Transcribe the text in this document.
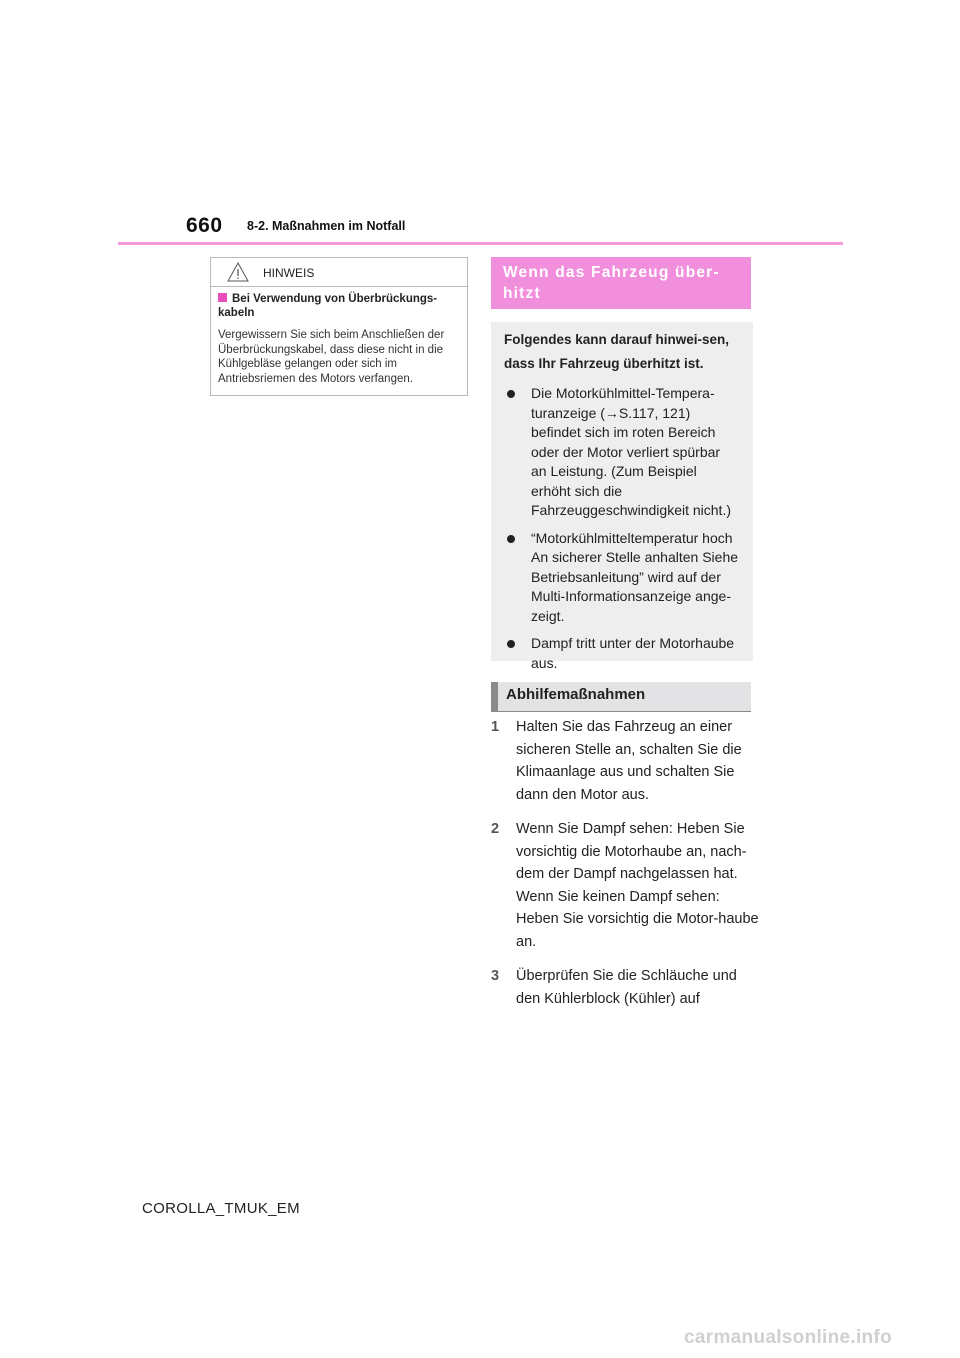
660 8-2. Maßnahmen im Notfall
HINWEIS
Bei Verwendung von Überbrückungs-kabeln
Vergewissern Sie sich beim Anschließen der Überbrückungskabel, dass diese nicht in die Kühlgebläse gelangen oder sich im Antriebsriemen des Motors verfangen.
Wenn das Fahrzeug über-hitzt
Folgendes kann darauf hinwei-sen, dass Ihr Fahrzeug überhitzt ist.
Die Motorkühlmittel-Tempera-turanzeige (→S.117, 121) befindet sich im roten Bereich oder der Motor verliert spürbar an Leistung. (Zum Beispiel erhöht sich die Fahrzeuggeschwindigkeit nicht.)
“Motorkühlmitteltemperatur hoch An sicherer Stelle anhalten Siehe Betriebsanleitung” wird auf der Multi-Informationsanzeige ange-zeigt.
Dampf tritt unter der Motorhaube aus.
Abhilfemaßnahmen
1 Halten Sie das Fahrzeug an einer sicheren Stelle an, schalten Sie die Klimaanlage aus und schalten Sie dann den Motor aus.
2 Wenn Sie Dampf sehen: Heben Sie vorsichtig die Motorhaube an, nach-dem der Dampf nachgelassen hat. Wenn Sie keinen Dampf sehen: Heben Sie vorsichtig die Motor-haube an.
3 Überprüfen Sie die Schläuche und den Kühlerblock (Kühler) auf
COROLLA_TMUK_EM
carmanualsonline.info
